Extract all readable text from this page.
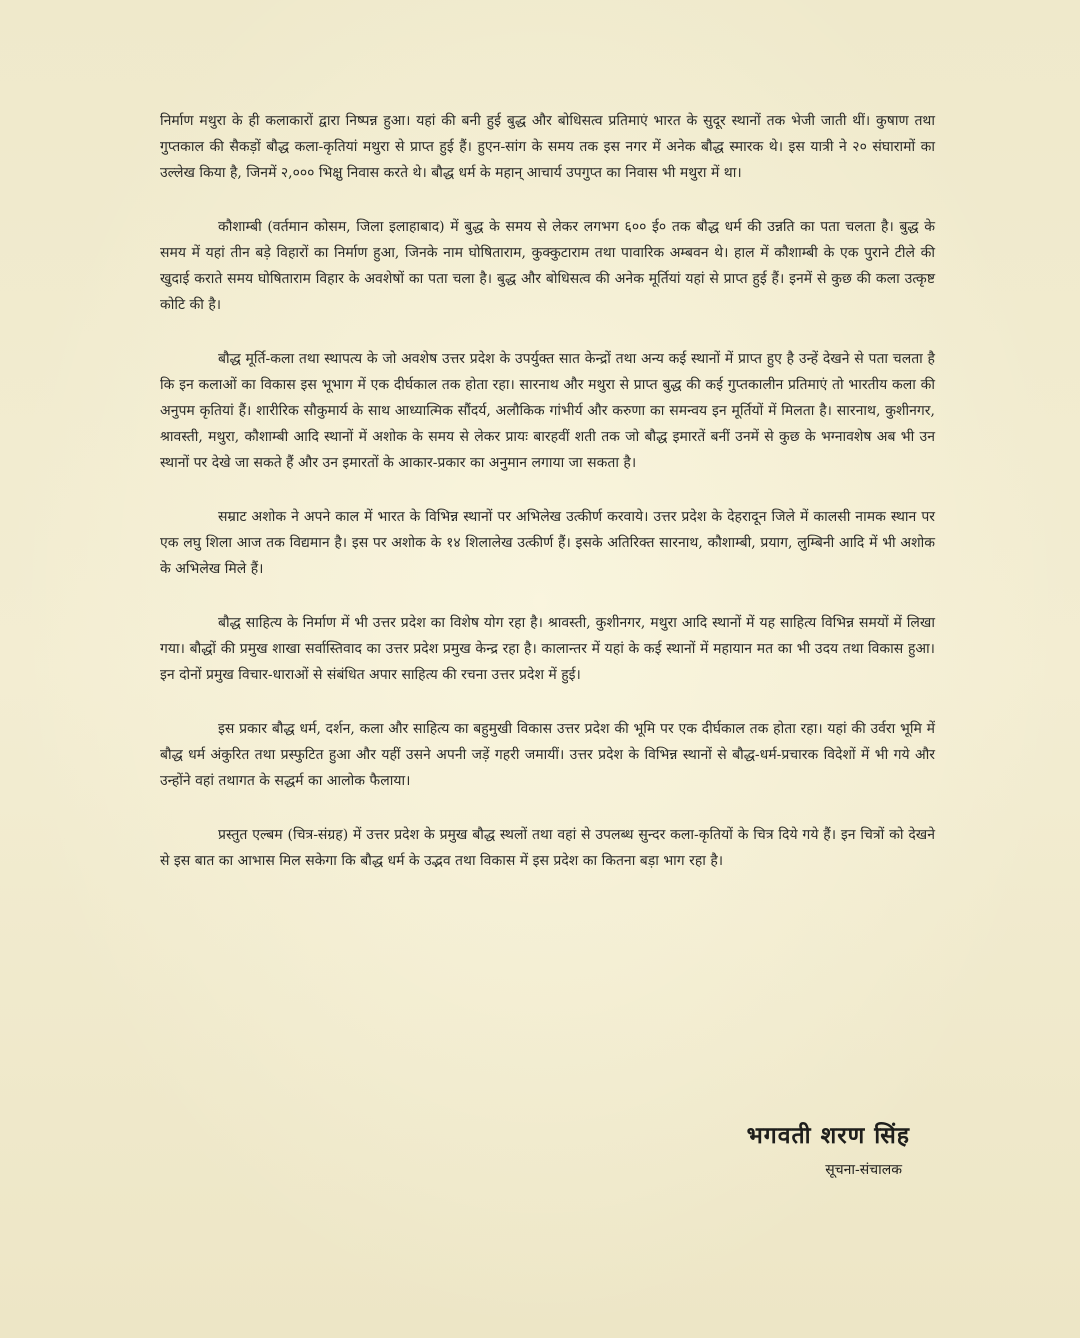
निर्माण मथुरा के ही कलाकारों द्वारा निष्पन्न हुआ। यहां की बनी हुई बुद्ध और बोधिसत्व प्रतिमाएं भारत के सुदूर स्थानों तक भेजी जाती थीं। कुषाण तथा गुप्तकाल की सैकड़ों बौद्ध कला-कृतियां मथुरा से प्राप्त हुई हैं। हुएन-सांग के समय तक इस नगर में अनेक बौद्ध स्मारक थे। इस यात्री ने २० संघारामों का उल्लेख किया है, जिनमें २,००० भिक्षु निवास करते थे। बौद्ध धर्म के महान् आचार्य उपगुप्त का निवास भी मथुरा में था।

कौशाम्बी (वर्तमान कोसम, जिला इलाहाबाद) में बुद्ध के समय से लेकर लगभग ६०० ई० तक बौद्ध धर्म की उन्नति का पता चलता है। बुद्ध के समय में यहां तीन बड़े विहारों का निर्माण हुआ, जिनके नाम घोषिताराम, कुक्कुटाराम तथा पावारिक अम्बवन थे। हाल में कौशाम्बी के एक पुराने टीले की खुदाई कराते समय घोषिताराम विहार के अवशेषों का पता चला है। बुद्ध और बोधिसत्व की अनेक मूर्तियां यहां से प्राप्त हुई हैं। इनमें से कुछ की कला उत्कृष्ट कोटि की है।

बौद्ध मूर्ति-कला तथा स्थापत्य के जो अवशेष उत्तर प्रदेश के उपर्युक्त सात केन्द्रों तथा अन्य कई स्थानों में प्राप्त हुए है उन्हें देखने से पता चलता है कि इन कलाओं का विकास इस भूभाग में एक दीर्घकाल तक होता रहा। सारनाथ और मथुरा से प्राप्त बुद्ध की कई गुप्तकालीन प्रतिमाएं तो भारतीय कला की अनुपम कृतियां हैं। शारीरिक सौकुमार्य के साथ आध्यात्मिक सौंदर्य, अलौकिक गांभीर्य और करुणा का समन्वय इन मूर्तियों में मिलता है। सारनाथ, कुशीनगर, श्रावस्ती, मथुरा, कौशाम्बी आदि स्थानों में अशोक के समय से लेकर प्रायः बारहवीं शती तक जो बौद्ध इमारतें बनीं उनमें से कुछ के भग्नावशेष अब भी उन स्थानों पर देखे जा सकते हैं और उन इमारतों के आकार-प्रकार का अनुमान लगाया जा सकता है।

सम्राट अशोक ने अपने काल में भारत के विभिन्न स्थानों पर अभिलेख उत्कीर्ण करवाये। उत्तर प्रदेश के देहरादून जिले में कालसी नामक स्थान पर एक लघु शिला आज तक विद्यमान है। इस पर अशोक के १४ शिलालेख उत्कीर्ण हैं। इसके अतिरिक्त सारनाथ, कौशाम्बी, प्रयाग, लुम्बिनी आदि में भी अशोक के अभिलेख मिले हैं।

बौद्ध साहित्य के निर्माण में भी उत्तर प्रदेश का विशेष योग रहा है। श्रावस्ती, कुशीनगर, मथुरा आदि स्थानों में यह साहित्य विभिन्न समयों में लिखा गया। बौद्धों की प्रमुख शाखा सर्वास्तिवाद का उत्तर प्रदेश प्रमुख केन्द्र रहा है। कालान्तर में यहां के कई स्थानों में महायान मत का भी उदय तथा विकास हुआ। इन दोनों प्रमुख विचार-धाराओं से संबंधित अपार साहित्य की रचना उत्तर प्रदेश में हुई।

इस प्रकार बौद्ध धर्म, दर्शन, कला और साहित्य का बहुमुखी विकास उत्तर प्रदेश की भूमि पर एक दीर्घकाल तक होता रहा। यहां की उर्वरा भूमि में बौद्ध धर्म अंकुरित तथा प्रस्फुटित हुआ और यहीं उसने अपनी जड़ें गहरी जमायीं। उत्तर प्रदेश के विभिन्न स्थानों से बौद्ध-धर्म-प्रचारक विदेशों में भी गये और उन्होंने वहां तथागत के सद्धर्म का आलोक फैलाया।

प्रस्तुत एल्बम (चित्र-संग्रह) में उत्तर प्रदेश के प्रमुख बौद्ध स्थलों तथा वहां से उपलब्ध सुन्दर कला-कृतियों के चित्र दिये गये हैं। इन चित्रों को देखने से इस बात का आभास मिल सकेगा कि बौद्ध धर्म के उद्भव तथा विकास में इस प्रदेश का कितना बड़ा भाग रहा है।

भगवती शरण सिंह
सूचना-संचालक
